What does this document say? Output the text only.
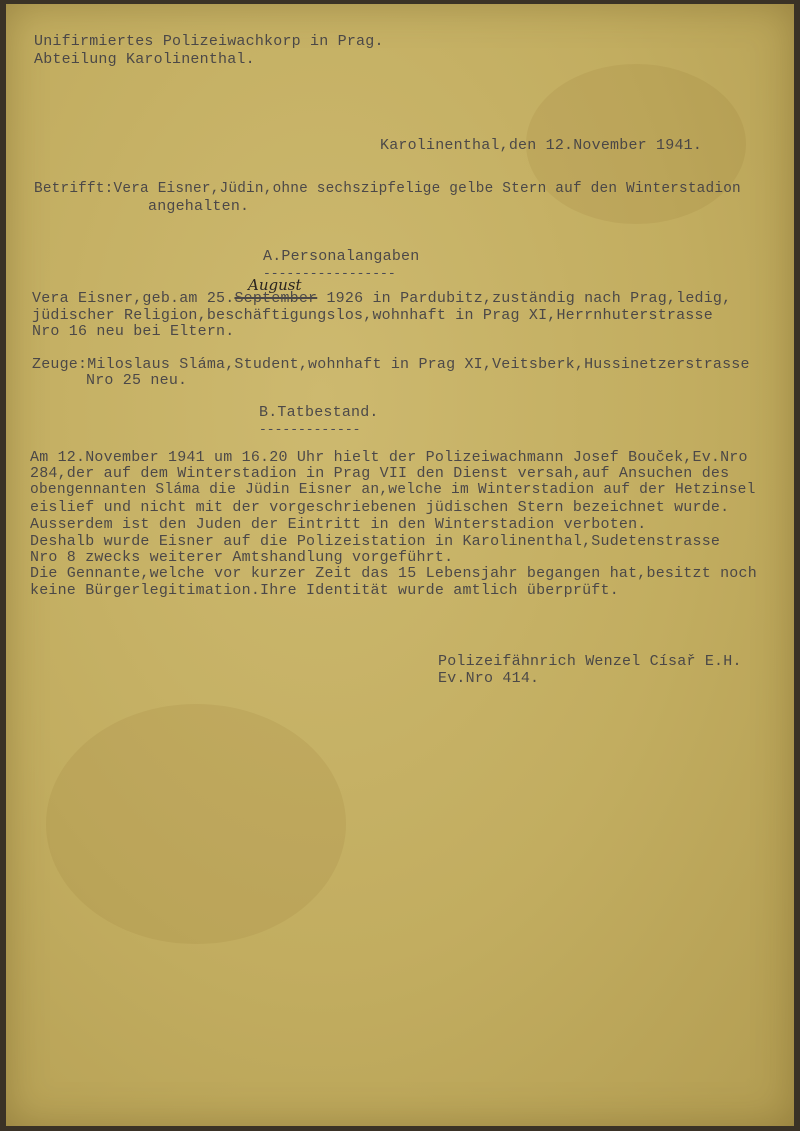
Unifirmiertes Polizeiwachkorp in Prag.
Abteilung Karolinenthal.
Karolinenthal,den 12.November 1941.
Betrifft:Vera Eisner,Jüdin,ohne sechszipfelige gelbe Stern auf den Winterstadion
angehalten.
A.Personalangaben
-----------------
August
Vera Eisner,geb.am 25.September 1926 in Pardubitz,zuständig nach Prag,ledig,
jüdischer Religion,beschäftigungslos,wohnhaft in Prag XI,Herrnhuterstrasse
Nro 16 neu bei Eltern.
Zeuge:Miloslaus Sláma,Student,wohnhaft in Prag XI,Veitsberk,Hussinetzerstrasse
Nro 25 neu.
B.Tatbestand.
-------------
Am 12.November 1941 um 16.20 Uhr hielt der Polizeiwachmann Josef Bouček,Ev.Nro
284,der auf dem Winterstadion in Prag VII den Dienst versah,auf Ansuchen des
obengennanten Sláma die Jüdin Eisner an,welche im Winterstadion auf der Hetzinsel
eislief und nicht mit der vorgeschriebenen jüdischen Stern bezeichnet wurde.
Ausserdem ist den Juden der Eintritt in den Winterstadion verboten.
Deshalb wurde Eisner auf die Polizeistation in Karolinenthal,Sudetenstrasse
Nro 8 zwecks weiterer Amtshandlung vorgeführt.
Die Gennante,welche vor kurzer Zeit das 15 Lebensjahr begangen hat,besitzt noch
keine Bürgerlegitimation.Ihre Identität wurde amtlich überprüft.
Polizeifähnrich Wenzel Císař E.H.
Ev.Nro 414.
